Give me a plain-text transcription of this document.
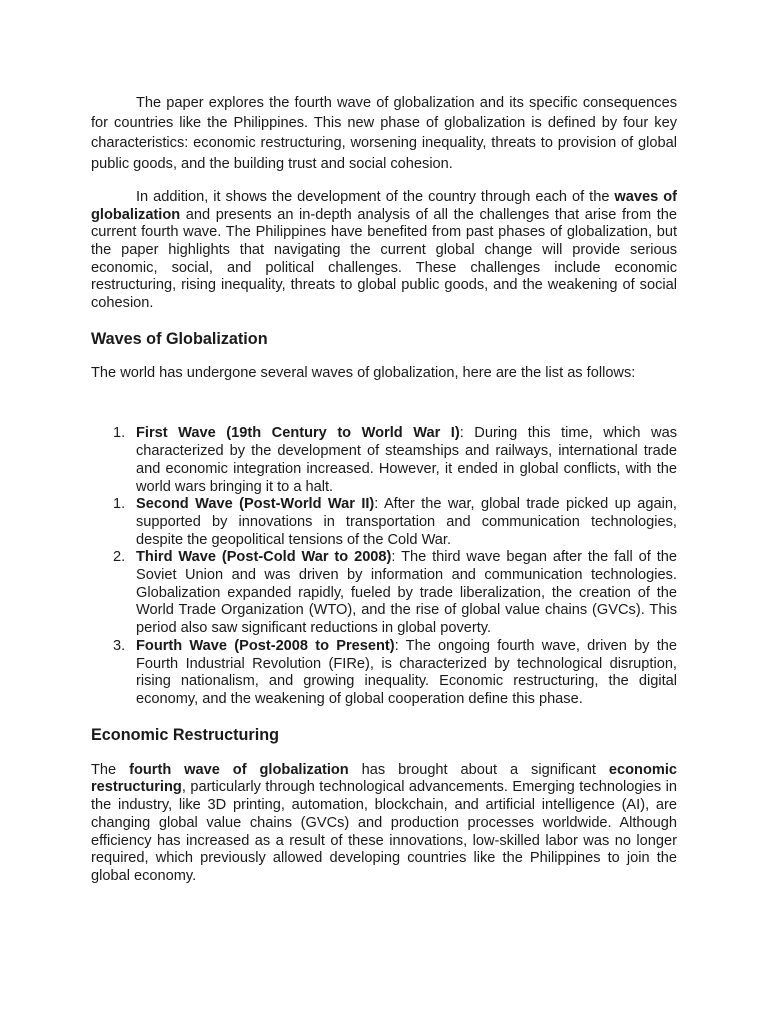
The paper explores the fourth wave of globalization and its specific consequences for countries like the Philippines. This new phase of globalization is defined by four key characteristics: economic restructuring, worsening inequality, threats to provision of global public goods, and the building trust and social cohesion.

In addition, it shows the development of the country through each of the waves of globalization and presents an in-depth analysis of all the challenges that arise from the current fourth wave. The Philippines have benefited from past phases of globalization, but the paper highlights that navigating the current global change will provide serious economic, social, and political challenges. These challenges include economic restructuring, rising inequality, threats to global public goods, and the weakening of social cohesion.

Waves of Globalization

The world has undergone several waves of globalization, here are the list as follows:

1. First Wave (19th Century to World War I): During this time, which was characterized by the development of steamships and railways, international trade and economic integration increased. However, it ended in global conflicts, with the world wars bringing it to a halt.
1. Second Wave (Post-World War II): After the war, global trade picked up again, supported by innovations in transportation and communication technologies, despite the geopolitical tensions of the Cold War.
2. Third Wave (Post-Cold War to 2008): The third wave began after the fall of the Soviet Union and was driven by information and communication technologies. Globalization expanded rapidly, fueled by trade liberalization, the creation of the World Trade Organization (WTO), and the rise of global value chains (GVCs). This period also saw significant reductions in global poverty.
3. Fourth Wave (Post-2008 to Present): The ongoing fourth wave, driven by the Fourth Industrial Revolution (FIRe), is characterized by technological disruption, rising nationalism, and growing inequality. Economic restructuring, the digital economy, and the weakening of global cooperation define this phase.
Economic Restructuring

The fourth wave of globalization has brought about a significant economic restructuring, particularly through technological advancements. Emerging technologies in the industry, like 3D printing, automation, blockchain, and artificial intelligence (AI), are changing global value chains (GVCs) and production processes worldwide. Although efficiency has increased as a result of these innovations, low-skilled labor was no longer required, which previously allowed developing countries like the Philippines to join the global economy.
